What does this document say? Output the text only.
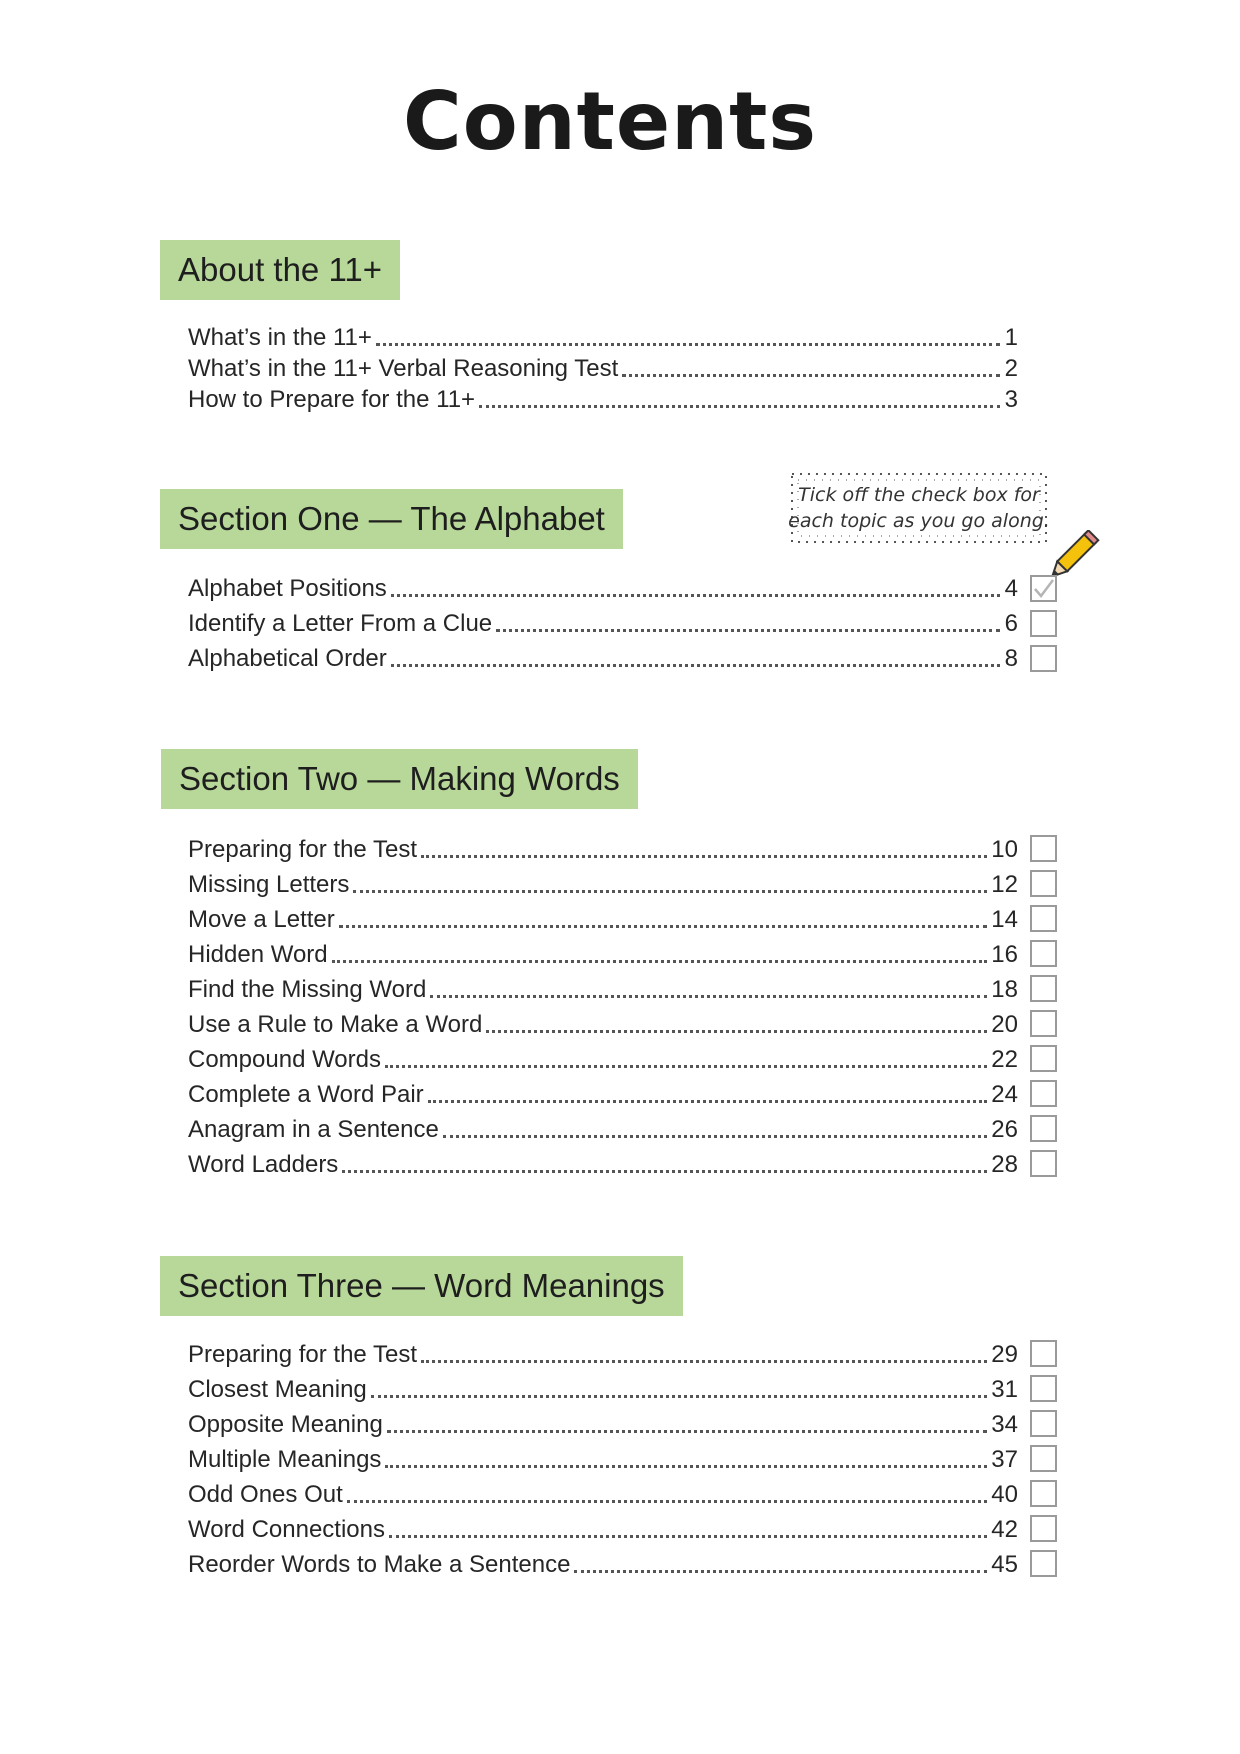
Contents
About the 11+
Section One — The Alphabet
Section Two — Making Words
Section Three — Word Meanings
Tick off the check box for
each topic as you go along.
What’s in the 11+	1
What’s in the 11+ Verbal Reasoning Test	2
How to Prepare for the 11+	3
Alphabet Positions	4
Identify a Letter From a Clue	6
Alphabetical Order	8
Preparing for the Test	10
Missing Letters	12
Move a Letter	14
Hidden Word	16
Find the Missing Word	18
Use a Rule to Make a Word	20
Compound Words	22
Complete a Word Pair	24
Anagram in a Sentence	26
Word Ladders	28
Preparing for the Test	29
Closest Meaning	31
Opposite Meaning	34
Multiple Meanings	37
Odd Ones Out	40
Word Connections	42
Reorder Words to Make a Sentence	45
